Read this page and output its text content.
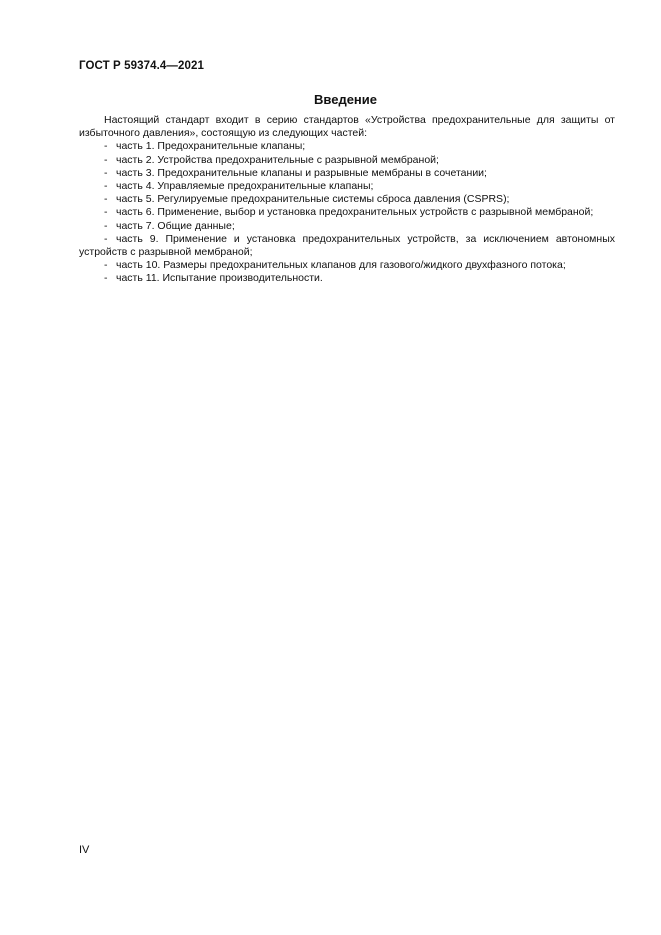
ГОСТ Р 59374.4—2021
Введение

Настоящий стандарт входит в серию стандартов «Устройства предохранительные для защиты от избыточного давления», состоящую из следующих частей:

- часть 1. Предохранительные клапаны;
- часть 2. Устройства предохранительные с разрывной мембраной;
- часть 3. Предохранительные клапаны и разрывные мембраны в сочетании;
- часть 4. Управляемые предохранительные клапаны;
- часть 5. Регулируемые предохранительные системы сброса давления (CSPRS);
- часть 6. Применение, выбор и установка предохранительных устройств с разрывной мембраной;
- часть 7. Общие данные;
- часть 9. Применение и установка предохранительных устройств, за исключением автономных устройств с разрывной мембраной;
- часть 10. Размеры предохранительных клапанов для газового/жидкого двухфазного потока;
- часть 11. Испытание производительности.
IV
